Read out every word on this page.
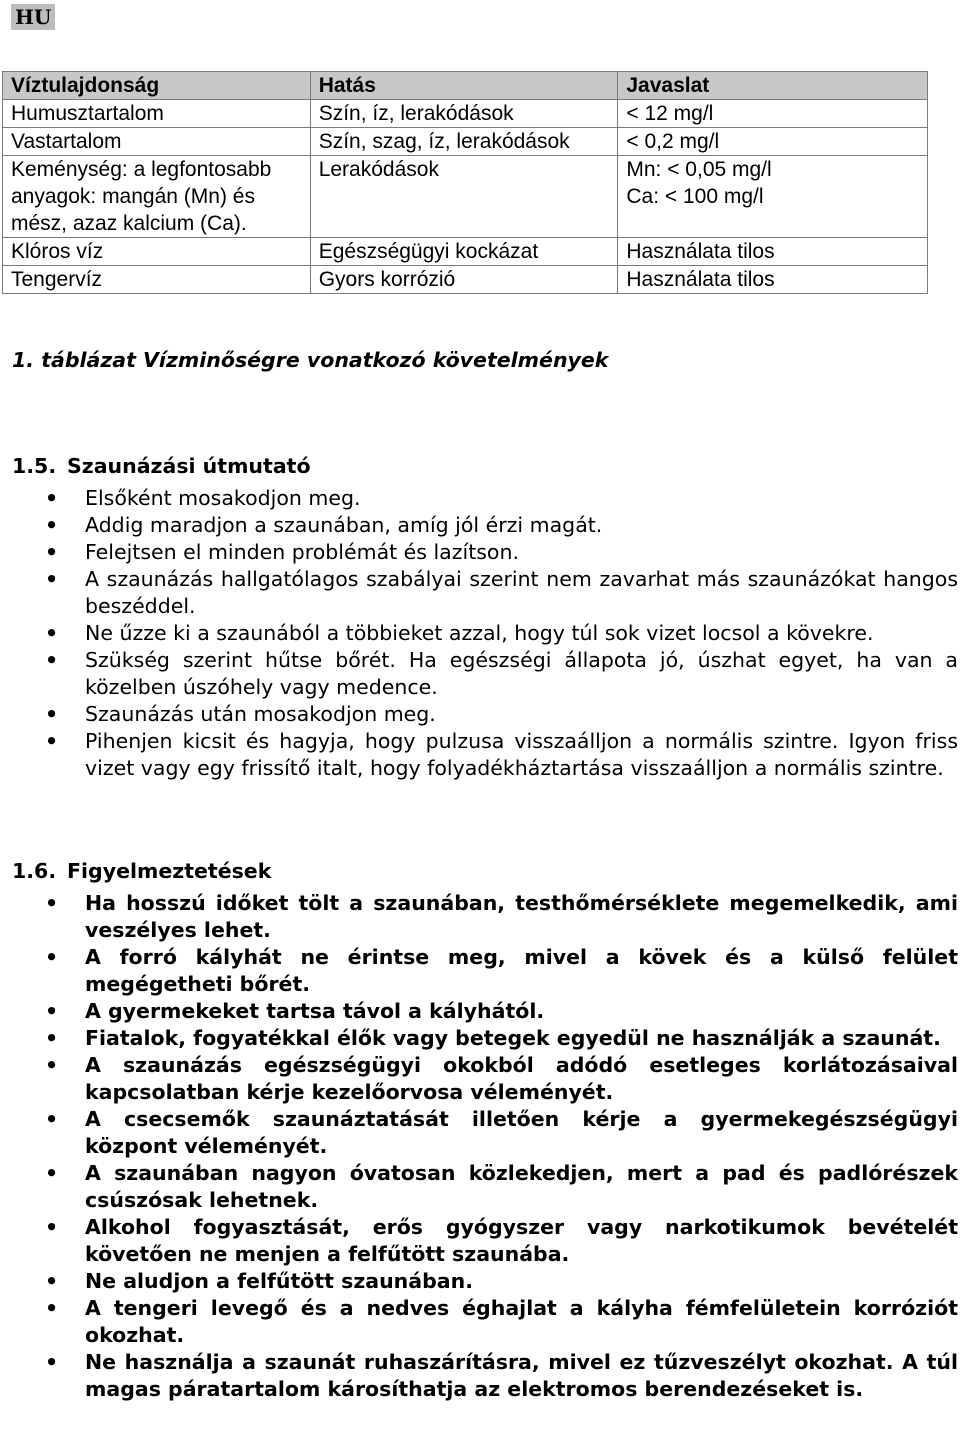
HU
Víztulajdonság	Hatás	Javaslat
Humusztartalom	Szín, íz, lerakódások	< 12 mg/l
Vastartalom	Szín, szag, íz, lerakódások	< 0,2 mg/l
Keménység: a legfontosabb anyagok: mangán (Mn) és mész, azaz kalcium (Ca).	Lerakódások	Mn: < 0,05 mg/l
Ca: < 100 mg/l

Klóros víz	Egészségügyi kockázat	Használata tilos
Tengervíz	Gyors korrózió	Használata tilos
1. táblázat Vízminőségre vonatkozó követelmények
1.5. Szaunázási útmutató
• Elsőként mosakodjon meg.
• Addig maradjon a szaunában, amíg jól érzi magát.
• Felejtsen el minden problémát és lazítson.
• A szaunázás hallgatólagos szabályai szerint nem zavarhat más szaunázókat hangos beszéddel.
• Ne űzze ki a szaunából a többieket azzal, hogy túl sok vizet locsol a kövekre.
• Szükség szerint hűtse bőrét. Ha egészségi állapota jó, úszhat egyet, ha van a közelben úszóhely vagy medence.
• Szaunázás után mosakodjon meg.
• Pihenjen kicsit és hagyja, hogy pulzusa visszaálljon a normális szintre. Igyon friss vizet vagy egy frissítő italt, hogy folyadékháztartása visszaálljon a normális szintre.
1.6. Figyelmeztetések
• Ha hosszú időket tölt a szaunában, testhőmérséklete megemelkedik, ami veszélyes lehet.
• A forró kályhát ne érintse meg, mivel a kövek és a külső felület megégetheti bőrét.
• A gyermekeket tartsa távol a kályhától.
• Fiatalok, fogyatékkal élők vagy betegek egyedül ne használják a szaunát.
• A szaunázás egészségügyi okokból adódó esetleges korlátozásaival kapcsolatban kérje kezelőorvosa véleményét.
• A csecsemők szaunáztatását illetően kérje a gyermekegészségügyi központ véleményét.
• A szaunában nagyon óvatosan közlekedjen, mert a pad és padlórészek csúszósak lehetnek.
• Alkohol fogyasztását, erős gyógyszer vagy narkotikumok bevételét követően ne menjen a felfűtött szaunába.
• Ne aludjon a felfűtött szaunában.
• A tengeri levegő és a nedves éghajlat a kályha fémfelületein korróziót okozhat.
• Ne használja a szaunát ruhaszárításra, mivel ez tűzveszélyt okozhat. A túl magas páratartalom károsíthatja az elektromos berendezéseket is.
